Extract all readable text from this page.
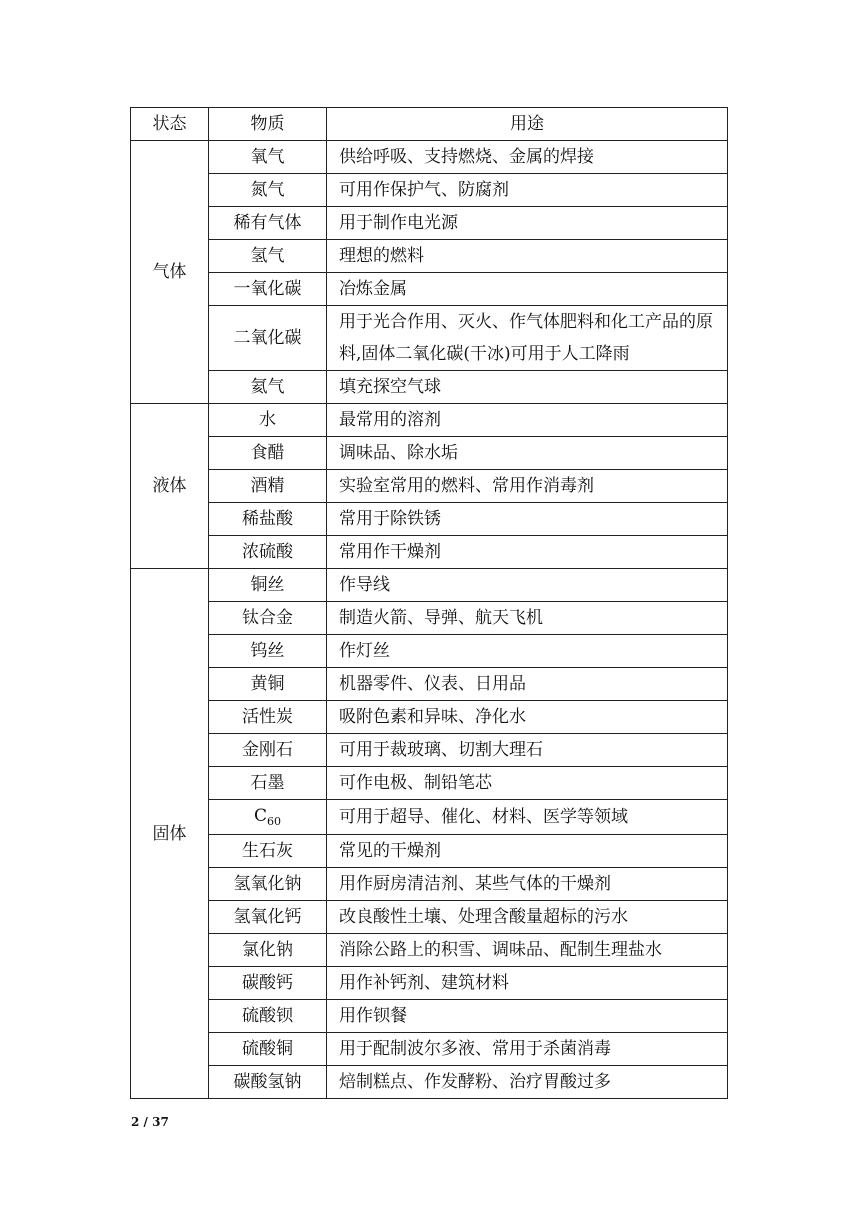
状态	物质	用途
气体	氧气	供给呼吸、支持燃烧、金属的焊接
	氮气	可用作保护气、防腐剂
	稀有气体	用于制作电光源
	氢气	理想的燃料
	一氧化碳	冶炼金属
	二氧化碳	用于光合作用、灭火、作气体肥料和化工产品的原料,固体二氧化碳(干冰)可用于人工降雨
	氦气	填充探空气球
液体	水	最常用的溶剂
	食醋	调味品、除水垢
	酒精	实验室常用的燃料、常用作消毒剂
	稀盐酸	常用于除铁锈
	浓硫酸	常用作干燥剂
固体	铜丝	作导线
	钛合金	制造火箭、导弹、航天飞机
	钨丝	作灯丝
	黄铜	机器零件、仪表、日用品
	活性炭	吸附色素和异味、净化水
	金刚石	可用于裁玻璃、切割大理石
	石墨	可作电极、制铅笔芯
	$C_{60}$	可用于超导、催化、材料、医学等领域
	生石灰	常见的干燥剂
	氢氧化钠	用作厨房清洁剂、某些气体的干燥剂
	氢氧化钙	改良酸性土壤、处理含酸量超标的污水
	氯化钠	消除公路上的积雪、调味品、配制生理盐水
	碳酸钙	用作补钙剂、建筑材料
	硫酸钡	用作钡餐
	硫酸铜	用于配制波尔多液、常用于杀菌消毒
	碳酸氢钠	焙制糕点、作发酵粉、治疗胃酸过多
2 / 37
